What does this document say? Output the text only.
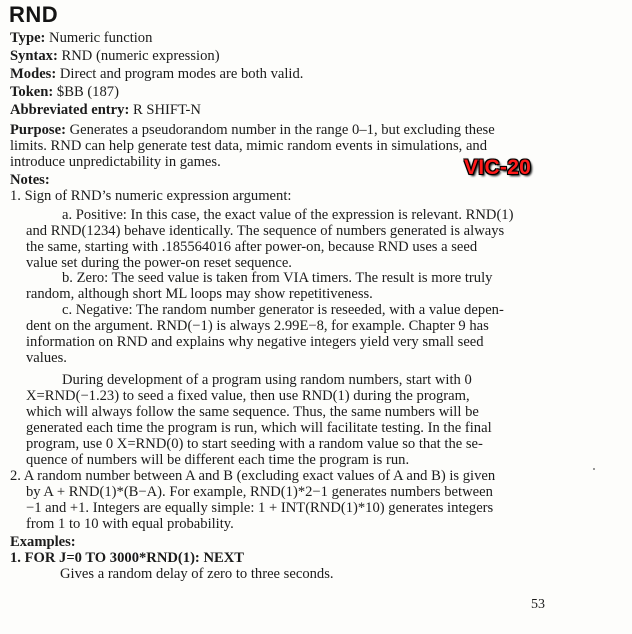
RND
Type: Numeric function
Syntax: RND (numeric expression)
Modes: Direct and program modes are both valid.
Token: $BB (187)
Abbreviated entry: R SHIFT-N
Purpose: Generates a pseudorandom number in the range 0–1, but excluding these
limits. RND can help generate test data, mimic random events in simulations, and
introduce unpredictability in games.	VIC-20
Notes:
1. Sign of RND’s numeric expression argument:
a. Positive: In this case, the exact value of the expression is relevant. RND(1)
and RND(1234) behave identically. The sequence of numbers generated is always
the same, starting with .185564016 after power-on, because RND uses a seed
value set during the power-on reset sequence.
b. Zero: The seed value is taken from VIA timers. The result is more truly
random, although short ML loops may show repetitiveness.
c. Negative: The random number generator is reseeded, with a value depen-
dent on the argument. RND(−1) is always 2.99E−8, for example. Chapter 9 has
information on RND and explains why negative integers yield very small seed
values.
During development of a program using random numbers, start with 0
X=RND(−1.23) to seed a fixed value, then use RND(1) during the program,
which will always follow the same sequence. Thus, the same numbers will be
generated each time the program is run, which will facilitate testing. In the final
program, use 0 X=RND(0) to start seeding with a random value so that the se-
quence of numbers will be different each time the program is run.
2. A random number between A and B (excluding exact values of A and B) is given
by A + RND(1)*(B−A). For example, RND(1)*2−1 generates numbers between
−1 and +1. Integers are equally simple: 1 + INT(RND(1)*10) generates integers
from 1 to 10 with equal probability.
Examples:
1. FOR J=0 TO 3000*RND(1): NEXT
Gives a random delay of zero to three seconds.
53
